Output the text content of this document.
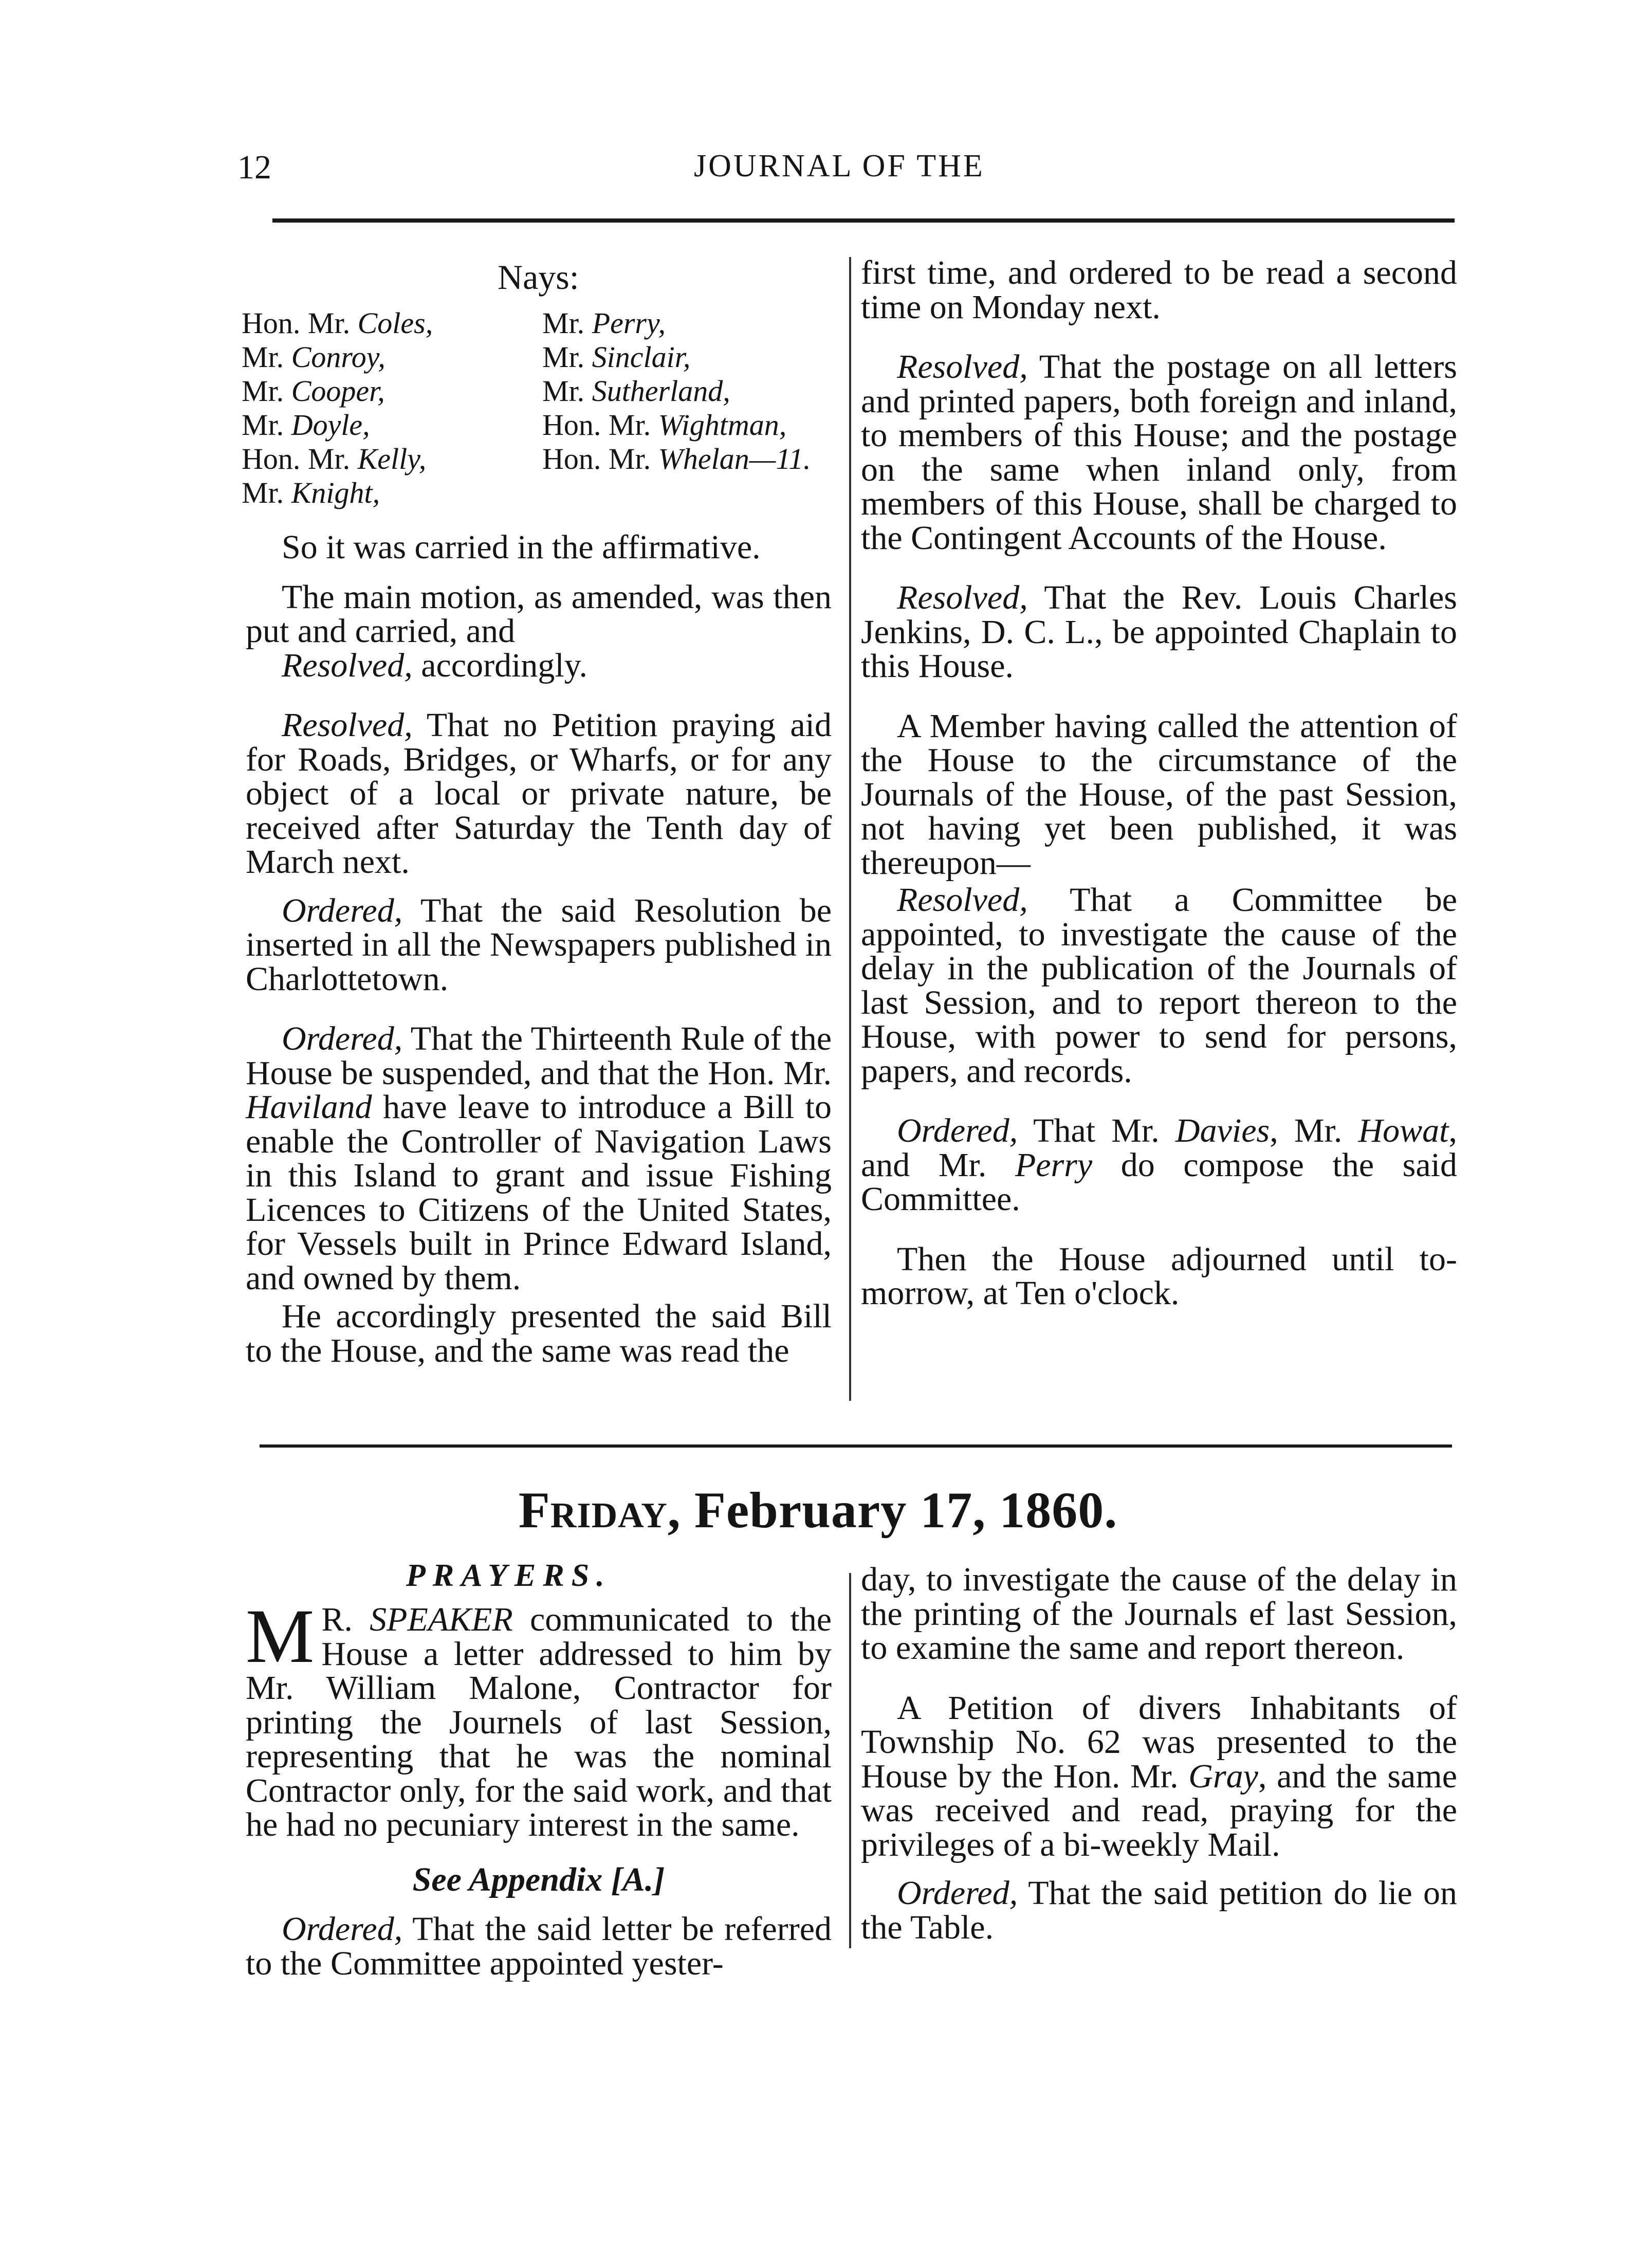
12	JOURNAL OF THE
Nays:
Hon. Mr. Coles,
Mr. Conroy,
Mr. Cooper,
Mr. Doyle,
Hon. Mr. Kelly,
Mr. Knight,
Mr. Perry,
Mr. Sinclair,
Mr. Sutherland,
Hon. Mr. Wightman,
Hon. Mr. Whelan—11.

So it was carried in the affirmative.

The main motion, as amended, was then put and carried, and

Resolved, accordingly.

Resolved, That no Petition praying aid for Roads, Bridges, or Wharfs, or for any object of a local or private nature, be received after Saturday the Tenth day of March next.

Ordered, That the said Resolution be inserted in all the Newspapers published in Charlottetown.

Ordered, That the Thirteenth Rule of the House be suspended, and that the Hon. Mr. Haviland have leave to introduce a Bill to enable the Controller of Navigation Laws in this Island to grant and issue Fishing Licences to Citizens of the United States, for Vessels built in Prince Edward Island, and owned by them.

He accordingly presented the said Bill to the House, and the same was read the

first time, and ordered to be read a second time on Monday next.

Resolved, That the postage on all letters and printed papers, both foreign and inland, to members of this House; and the postage on the same when inland only, from members of this House, shall be charged to the Contingent Accounts of the House.

Resolved, That the Rev. Louis Charles Jenkins, D. C. L., be appointed Chaplain to this House.

A Member having called the attention of the House to the circumstance of the Journals of the House, of the past Session, not having yet been published, it was thereupon—

Resolved, That a Committee be appointed, to investigate the cause of the delay in the publication of the Journals of last Session, and to report thereon to the House, with power to send for persons, papers, and records.

Ordered, That Mr. Davies, Mr. Howat, and Mr. Perry do compose the said Committee.

Then the House adjourned until to-morrow, at Ten o'clock.

Friday, February 17, 1860.
PRAYERS.

M R. SPEAKER communicated to the House a letter addressed to him by Mr. William Malone, Contractor for printing the Journels of last Session, representing that he was the nominal Contractor only, for the said work, and that he had no pecuniary interest in the same.

See Appendix [A.]

Ordered, That the said letter be referred to the Committee appointed yester-

day, to investigate the cause of the delay in the printing of the Journals ef last Session, to examine the same and report thereon.

A Petition of divers Inhabitants of Township No. 62 was presented to the House by the Hon. Mr. Gray, and the same was received and read, praying for the privileges of a bi-weekly Mail.

Ordered, That the said petition do lie on the Table.
